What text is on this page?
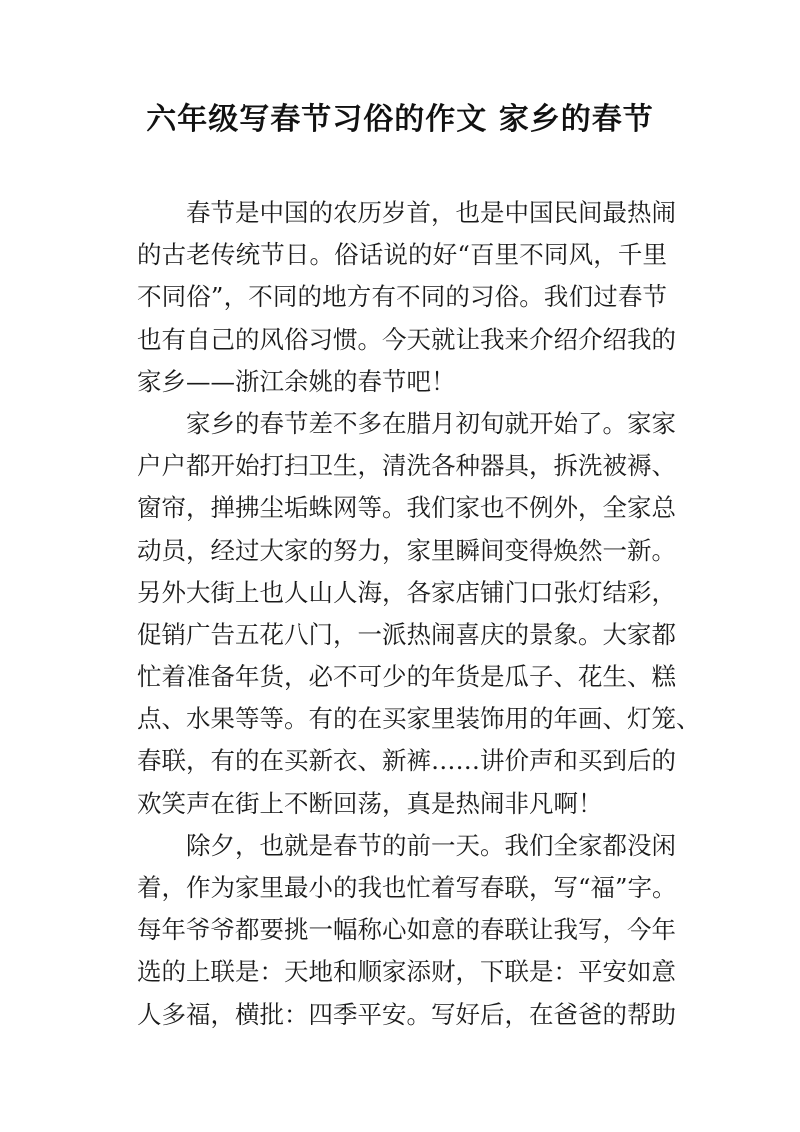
六年级写春节习俗的作文 家乡的春节
春节是中国的农历岁首，也是中国民间最热闹
的古老传统节日。俗话说的好“百里不同风，千里
不同俗”，不同的地方有不同的习俗。我们过春节
也有自己的风俗习惯。今天就让我来介绍介绍我的
家乡——浙江余姚的春节吧！
家乡的春节差不多在腊月初旬就开始了。家家
户户都开始打扫卫生，清洗各种器具，拆洗被褥、
窗帘，掸拂尘垢蛛网等。我们家也不例外，全家总
动员，经过大家的努力，家里瞬间变得焕然一新。
另外大街上也人山人海，各家店铺门口张灯结彩，
促销广告五花八门，一派热闹喜庆的景象。大家都
忙着准备年货，必不可少的年货是瓜子、花生、糕
点、水果等等。有的在买家里装饰用的年画、灯笼、
春联，有的在买新衣、新裤……讲价声和买到后的
欢笑声在街上不断回荡，真是热闹非凡啊！
除夕，也就是春节的前一天。我们全家都没闲
着，作为家里最小的我也忙着写春联，写“福”字。
每年爷爷都要挑一幅称心如意的春联让我写，今年
选的上联是：天地和顺家添财，下联是：平安如意
人多福，横批：四季平安。写好后，在爸爸的帮助
